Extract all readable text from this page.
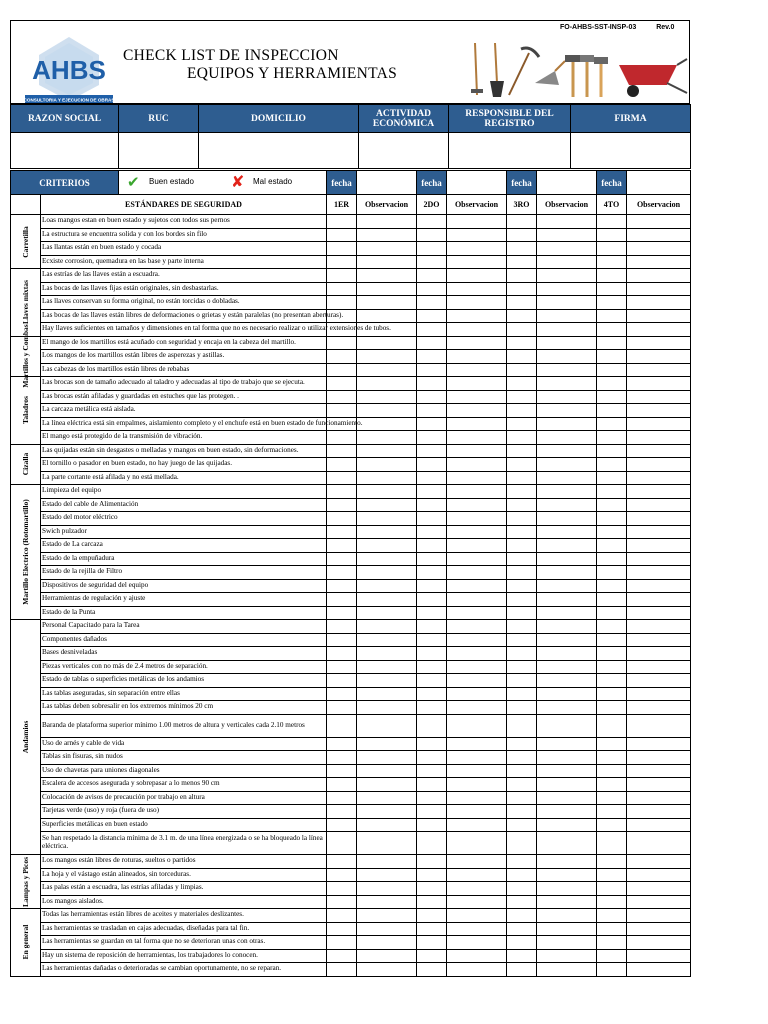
FO-AHBS-SST-INSP-03	Rev.0
AHBS
CONSULTORIA Y EJECUCION DE OBRAS
CHECK LIST DE INSPECCION
EQUIPOS Y HERRAMIENTAS
RAZON SOCIAL	RUC	DOMICILIO	ACTIVIDAD ECONÓMICA	RESPONSIBLE DEL REGISTRO	FIRMA

CRITERIOS	✔ Buen estado ✘ Mal estado	fecha		fecha		fecha		fecha	
	ESTÁNDARES DE SEGURIDAD	1ER	Observacion	2DO	Observacion	3RO	Observacion	4TO	Observacion

Carretilla	Loas mangos estan en buen estado y sujetos con todos sus pernos								
	La estructura se encuentra solida y con los bordes sin filo								
	Las llantas están en buen estado y cocada								
	Ecxiste corrosion, quemadura en las base y parte interna								

Llaves mixtas	Las estrías de las llaves están a escuadra.								
	Las bocas de las llaves fijas están originales, sin desbastarlas.								
	Las llaves conservan su forma original, no están torcidas o dobladas.								
	Las bocas de las llaves están libres de deformaciones o grietas y están paralelas (no presentan aberturas).								
	Hay llaves suficientes en tamaños y dimensiones en tal forma que no es necesario realizar o utilizar extensiones de tubos.								

Martillos y Combas	El mango de los martillos está acuñado con seguridad y encaja en la cabeza del martillo.								
	Los mangos de los martillos están libres de asperezas y astillas.								
	Las cabezas de los martillos están libres de rebabas								

Taladros	Las brocas son de tamaño adecuado al taladro y adecuadas al tipo de trabajo que se ejecuta.								
	Las brocas están afiladas y guardadas en estuches que las protegen. .								
	La carcaza metálica está aislada.								
	La línea eléctrica está sin empalmes, aislamiento completo y el enchufe está en buen estado de funcionamiento.								
	El mango está protegido de la transmisión de vibración.								

Cizalla	Las quijadas están sin desgastes o melladas y mangos en buen estado, sin deformaciones.								
	El tornillo o pasador en buen estado, no hay juego de las quijadas.								
	La parte cortante está afilada y no está mellada.								

Martillo Electrico (Rotomartillo)	Limpieza del equipo								
	Estado del cable de Alimentación								
	Estado del motor eléctrico								
	Swich pulzador								
	Estado de La carcaza								
	Estado de la empuñadura								
	Estado de la rejilla de Filtro								
	Dispositivos de seguridad del equipo								
	Herramientas de regulación y ajuste								
	Estado de la Punta								

Andamios	Personal Capacitado para la Tarea								
	Componentes dañados								
	Bases desniveladas								
	Piezas verticales con no más de 2.4 metros de separación.								
	Estado de tablas o superficies metálicas de los andamios								
	Las tablas aseguradas, sin separación entre ellas								
	Las tablas deben sobresalir en los extremos mínimos 20 cm								
	Baranda de plataforma superior mínimo 1.00 metros de altura y verticales cada 2.10 metros								
	Uso de arnés y cable de vida								
	Tablas sin fisuras, sin nudos								
	Uso de chavetas para uniones diagonales								
	Escalera de accesos asegurada y sobrepasar a lo menos 90 cm								
	Colocación de avisos de precaución por trabajo en altura								
	Tarjetas verde (uso) y roja (fuera de uso)								
	Superficies metálicas en buen estado								
	Se han respetado la distancia mínima de 3.1 m. de una línea energizada o se ha bloqueado la línea eléctrica.								

Lampas y Picos	Los mangos están libres de roturas, sueltos o partidos								
	La hoja y el vástago están alineados, sin torceduras.								
	Las palas están a escuadra, las estrías afiladas y limpias.								
	Los mangos aislados.								

En general	Todas las herramientas están libres de aceites y materiales deslizantes.								
	Las herramientas se trasladan en cajas adecuadas, diseñadas para tal fin.								
	Las herramientas se guardan en tal forma que no se deterioran unas con otras.								
	Hay un sistema de reposición de herramientas, los trabajadores lo conocen.								
	Las herramientas dañadas o deterioradas se cambian oportunamente, no se reparan.								
